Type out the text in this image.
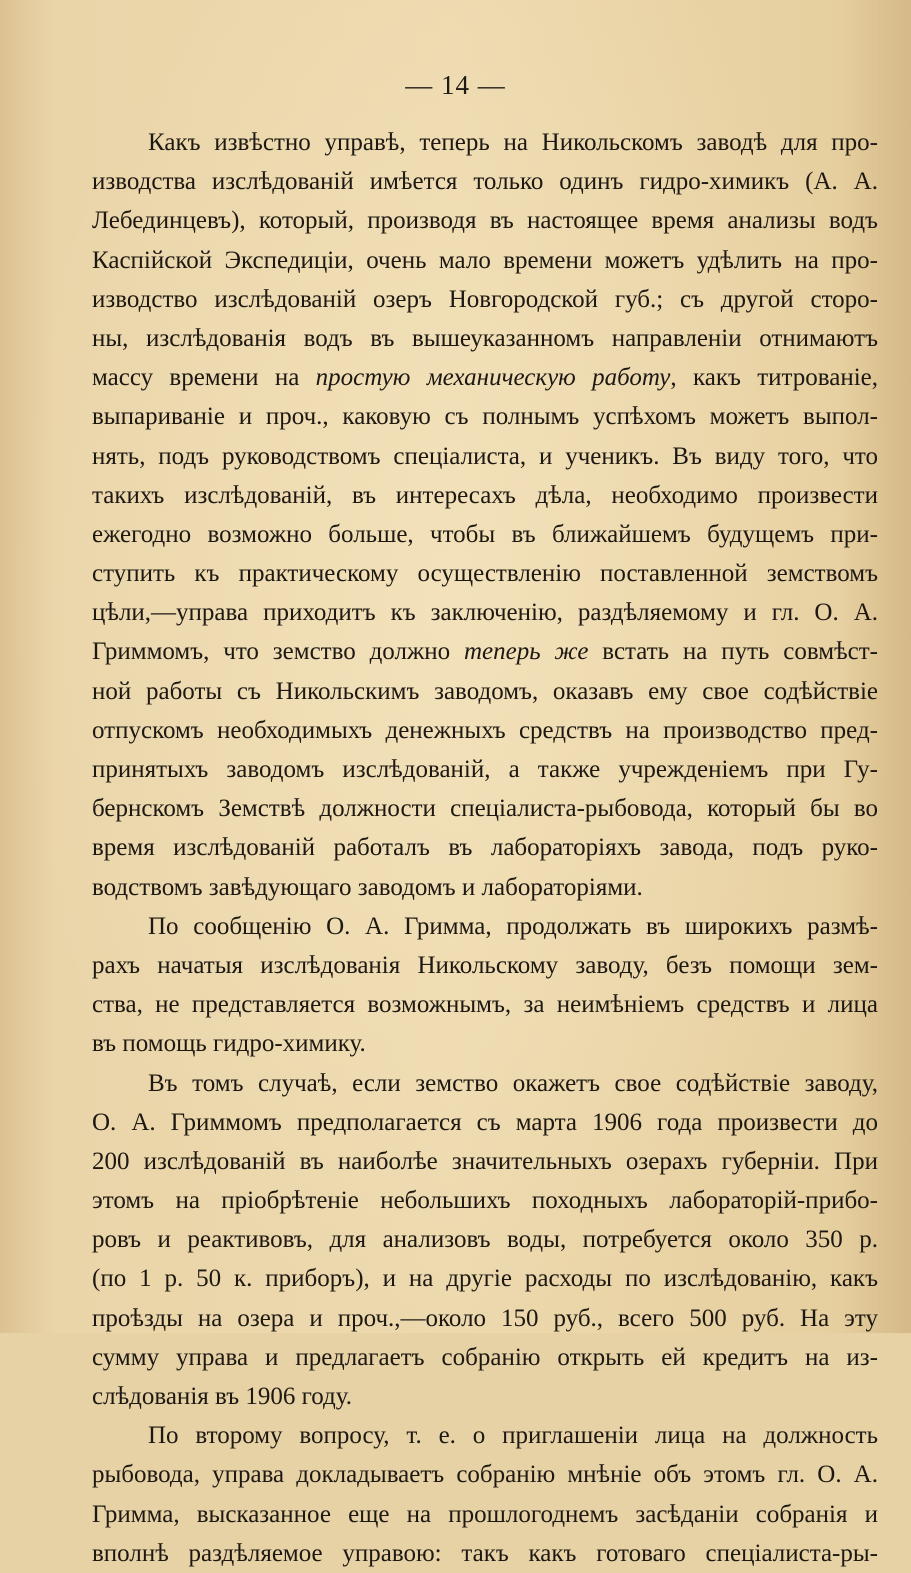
— 14 —
Какъ извѣстно управѣ, теперь на Никольскомъ заводѣ для про-
изводства изслѣдованій имѣется только одинъ гидро-химикъ (А. А.
Лебединцевъ), который, производя въ настоящее время анализы водъ
Каспійской Экспедиціи, очень мало времени можетъ удѣлить на про-
изводство изслѣдованій озеръ Новгородской губ.; съ другой сторо-
ны, изслѣдованія водъ въ вышеуказанномъ направленіи отнимаютъ
массу времени на простую механическую работу, какъ титрованіе,
выпариваніе и проч., каковую съ полнымъ успѣхомъ можетъ выпол-
нять, подъ руководствомъ спеціалиста, и ученикъ. Въ виду того, что
такихъ изслѣдованій, въ интересахъ дѣла, необходимо произвести
ежегодно возможно больше, чтобы въ ближайшемъ будущемъ при-
ступить къ практическому осуществленію поставленной земствомъ
цѣли,—управа приходитъ къ заключенію, раздѣляемому и гл. О. А.
Гриммомъ, что земство должно теперь же встать на путь совмѣст-
ной работы съ Никольскимъ заводомъ, оказавъ ему свое содѣйствіе
отпускомъ необходимыхъ денежныхъ средствъ на производство пред-
принятыхъ заводомъ изслѣдованій, а также учрежденіемъ при Гу-
бернскомъ Земствѣ должности спеціалиста-рыбовода, который бы во
время изслѣдованій работалъ въ лабораторіяхъ завода, подъ руко-
водствомъ завѣдующаго заводомъ и лабораторіями.
По сообщенію О. А. Гримма, продолжать въ широкихъ размѣ-
рахъ начатыя изслѣдованія Никольскому заводу, безъ помощи зем-
ства, не представляется возможнымъ, за неимѣніемъ средствъ и лица
въ помощь гидро-химику.
Въ томъ случаѣ, если земство окажетъ свое содѣйствіе заводу,
О. А. Гриммомъ предполагается съ марта 1906 года произвести до
200 изслѣдованій въ наиболѣе значительныхъ озерахъ губерніи. При
этомъ на пріобрѣтеніе небольшихъ походныхъ лабораторій-прибо-
ровъ и реактивовъ, для анализовъ воды, потребуется около 350 р.
(по 1 р. 50 к. приборъ), и на другіе расходы по изслѣдованію, какъ
проѣзды на озера и проч.,—около 150 руб., всего 500 руб. На эту
сумму управа и предлагаетъ собранію открыть ей кредитъ на из-
слѣдованія въ 1906 году.
По второму вопросу, т. е. о приглашеніи лица на должность
рыбовода, управа докладываетъ собранію мнѣніе объ этомъ гл. О. А.
Гримма, высказанное еще на прошлогоднемъ засѣданіи собранія и
вполнѣ раздѣляемое управою: такъ какъ готоваго спеціалиста-ры-
